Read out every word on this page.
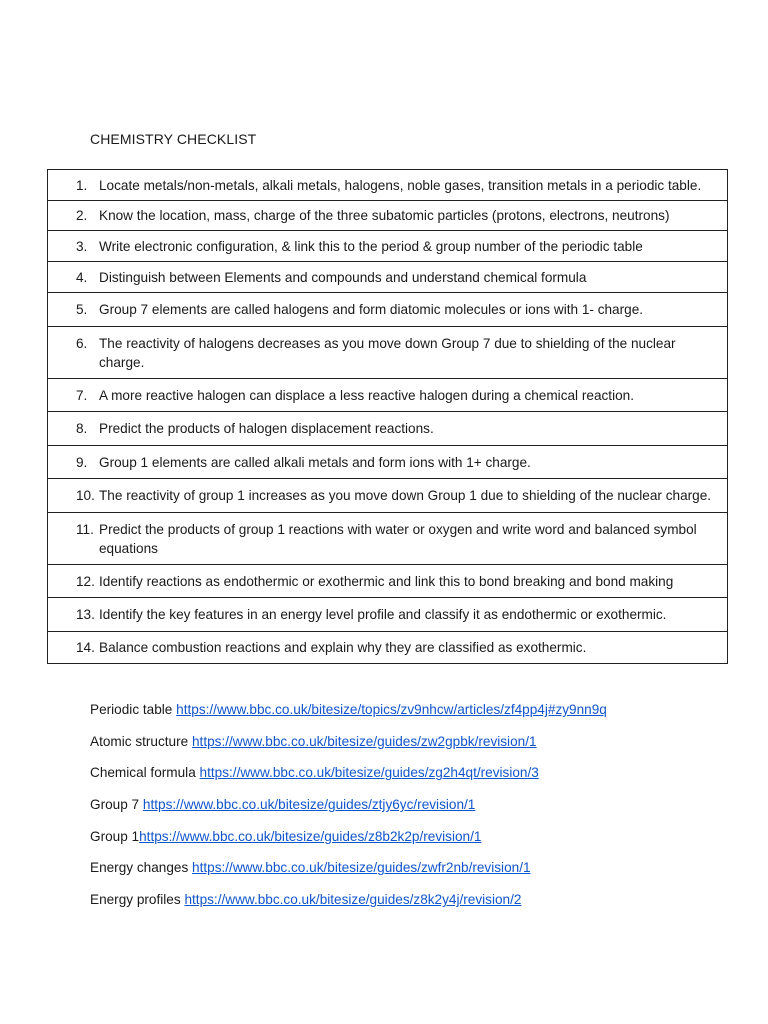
CHEMISTRY CHECKLIST
1. Locate metals/non-metals, alkali metals, halogens, noble gases, transition metals in a periodic table.

2. Know the location, mass, charge of the three subatomic particles (protons, electrons, neutrons)

3. Write electronic configuration, & link this to the period & group number of the periodic table

4. Distinguish between Elements and compounds and understand chemical formula

5. Group 7 elements are called halogens and form diatomic molecules or ions with 1- charge.

6. The reactivity of halogens decreases as you move down Group 7 due to shielding of the nuclear charge.

7. A more reactive halogen can displace a less reactive halogen during a chemical reaction.

8. Predict the products of halogen displacement reactions.

9. Group 1 elements are called alkali metals and form ions with 1+ charge.

10. The reactivity of group 1 increases as you move down Group 1 due to shielding of the nuclear charge.

11. Predict the products of group 1 reactions with water or oxygen and write word and balanced symbol equations

12. Identify reactions as endothermic or exothermic and link this to bond breaking and bond making

13. Identify the key features in an energy level profile and classify it as endothermic or exothermic.

14. Balance combustion reactions and explain why they are classified as exothermic.
Periodic table https://www.bbc.co.uk/bitesize/topics/zv9nhcw/articles/zf4pp4j#zy9nn9q
Atomic structure https://www.bbc.co.uk/bitesize/guides/zw2gpbk/revision/1
Chemical formula https://www.bbc.co.uk/bitesize/guides/zg2h4qt/revision/3
Group 7 https://www.bbc.co.uk/bitesize/guides/ztjy6yc/revision/1
Group 1https://www.bbc.co.uk/bitesize/guides/z8b2k2p/revision/1
Energy changes https://www.bbc.co.uk/bitesize/guides/zwfr2nb/revision/1
Energy profiles https://www.bbc.co.uk/bitesize/guides/z8k2y4j/revision/2
